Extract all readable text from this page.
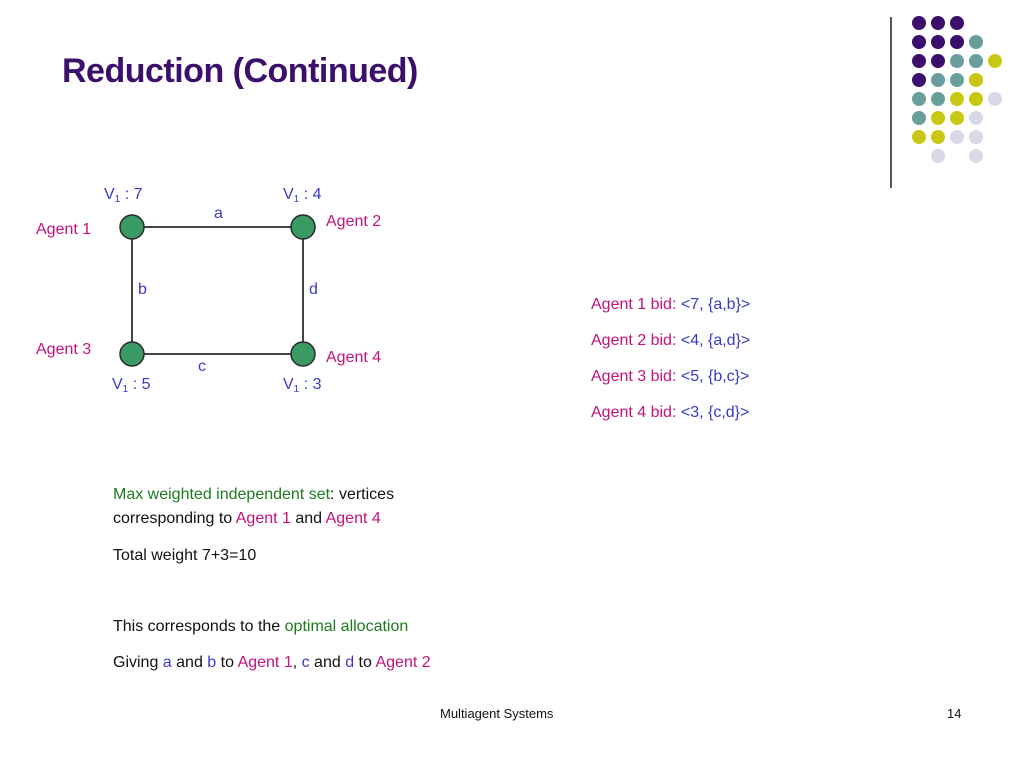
Reduction (Continued)
$V_1$ : 7	$V_1$ : 4
$V_1$ : 5	$V_1$ : 3
Agent 1	Agent 2
Agent 3	Agent 4
a
b
c
d
Agent 1 bid: <7, {a,b}>
Agent 2 bid: <4, {a,d}>
Agent 3 bid: <5, {b,c}>
Agent 4 bid: <3, {c,d}>
Max weighted independent set: vertices
corresponding to Agent 1 and Agent 4
Total weight 7+3=10
This corresponds to the optimal allocation
Giving a and b to Agent 1, c and d to Agent 2
Multiagent Systems	14
